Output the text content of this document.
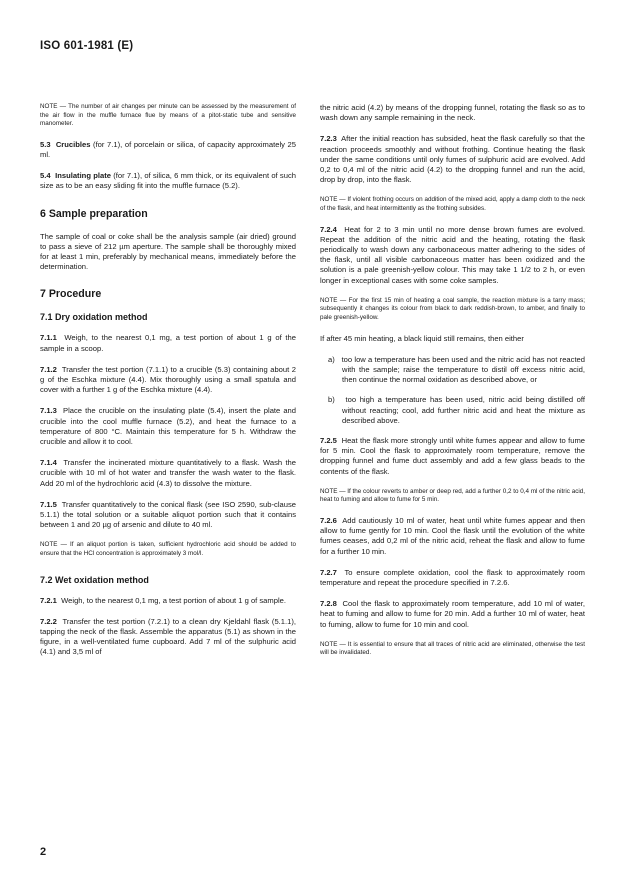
ISO 601-1981 (E)

NOTE — The number of air changes per minute can be assessed by the measurement of the air flow in the muffle furnace flue by means of a pitot-static tube and sensitive manometer.

5.3 Crucibles (for 7.1), of porcelain or silica, of capacity approximately 25 ml.

5.4 Insulating plate (for 7.1), of silica, 6 mm thick, or its equivalent of such size as to be an easy sliding fit into the muffle furnace (5.2).

6 Sample preparation

The sample of coal or coke shall be the analysis sample (air dried) ground to pass a sieve of 212 µm aperture. The sample shall be thoroughly mixed for at least 1 min, preferably by mechanical means, immediately before the determination.

7 Procedure
7.1 Dry oxidation method

7.1.1 Weigh, to the nearest 0,1 mg, a test portion of about 1 g of the sample in a scoop.

7.1.2 Transfer the test portion (7.1.1) to a crucible (5.3) containing about 2 g of the Eschka mixture (4.4). Mix thoroughly using a small spatula and cover with a further 1 g of the Eschka mixture (4.4).

7.1.3 Place the crucible on the insulating plate (5.4), insert the plate and crucible into the cool muffle furnace (5.2), and heat the furnace to a temperature of 800 °C. Maintain this temperature for 5 h. Withdraw the crucible and allow it to cool.

7.1.4 Transfer the incinerated mixture quantitatively to a flask. Wash the crucible with 10 ml of hot water and transfer the wash water to the flask. Add 20 ml of the hydrochloric acid (4.3) to dissolve the mixture.

7.1.5 Transfer quantitatively to the conical flask (see ISO 2590, sub-clause 5.1.1) the total solution or a suitable aliquot portion such that it contains between 1 and 20 µg of arsenic and dilute to 40 ml.

NOTE — If an aliquot portion is taken, sufficient hydrochloric acid should be added to ensure that the HCl concentration is approximately 3 mol/l.

7.2 Wet oxidation method

7.2.1 Weigh, to the nearest 0,1 mg, a test portion of about 1 g of sample.

7.2.2 Transfer the test portion (7.2.1) to a clean dry Kjeldahl flask (5.1.1), tapping the neck of the flask. Assemble the apparatus (5.1) as shown in the figure, in a well-ventilated fume cupboard. Add 7 ml of the sulphuric acid (4.1) and 3,5 ml of

the nitric acid (4.2) by means of the dropping funnel, rotating the flask so as to wash down any sample remaining in the neck.

7.2.3 After the initial reaction has subsided, heat the flask carefully so that the reaction proceeds smoothly and without frothing. Continue heating the flask under the same conditions until only fumes of sulphuric acid are evolved. Add 0,2 to 0,4 ml of the nitric acid (4.2) to the dropping funnel and run the acid, drop by drop, into the flask.

NOTE — If violent frothing occurs on addition of the mixed acid, apply a damp cloth to the neck of the flask, and heat intermittently as the frothing subsides.

7.2.4 Heat for 2 to 3 min until no more dense brown fumes are evolved. Repeat the addition of the nitric acid and the heating, rotating the flask periodically to wash down any carbonaceous matter adhering to the sides of the flask, until all visible carbonaceous matter has been oxidized and the solution is a pale greenish-yellow colour. This may take 1 1/2 to 2 h, or even longer in exceptional cases with some coke samples.

NOTE — For the first 15 min of heating a coal sample, the reaction mixture is a tarry mass; subsequently it changes its colour from black to dark reddish-brown, to amber, and finally to pale greenish-yellow.

If after 45 min heating, a black liquid still remains, then either

a) too low a temperature has been used and the nitric acid has not reacted with the sample; raise the temperature to distil off excess nitric acid, then continue the normal oxidation as described above, or

b) too high a temperature has been used, nitric acid being distilled off without reacting; cool, add further nitric acid and heat the mixture as described above.

7.2.5 Heat the flask more strongly until white fumes appear and allow to fume for 5 min. Cool the flask to approximately room temperature, remove the dropping funnel and fume duct assembly and add a few glass beads to the contents of the flask.

NOTE — If the colour reverts to amber or deep red, add a further 0,2 to 0,4 ml of the nitric acid, heat to fuming and allow to fume for 5 min.

7.2.6 Add cautiously 10 ml of water, heat until white fumes appear and then allow to fume gently for 10 min. Cool the flask until the evolution of the white fumes ceases, add 0,2 ml of the nitric acid, reheat the flask and allow to fume for a further 10 min.

7.2.7 To ensure complete oxidation, cool the flask to approximately room temperature and repeat the procedure specified in 7.2.6.

7.2.8 Cool the flask to approximately room temperature, add 10 ml of water, heat to fuming and allow to fume for 20 min. Add a further 10 ml of water, heat to fuming, allow to fume for 10 min and cool.

NOTE — It is essential to ensure that all traces of nitric acid are eliminated, otherwise the test will be invalidated.

2
